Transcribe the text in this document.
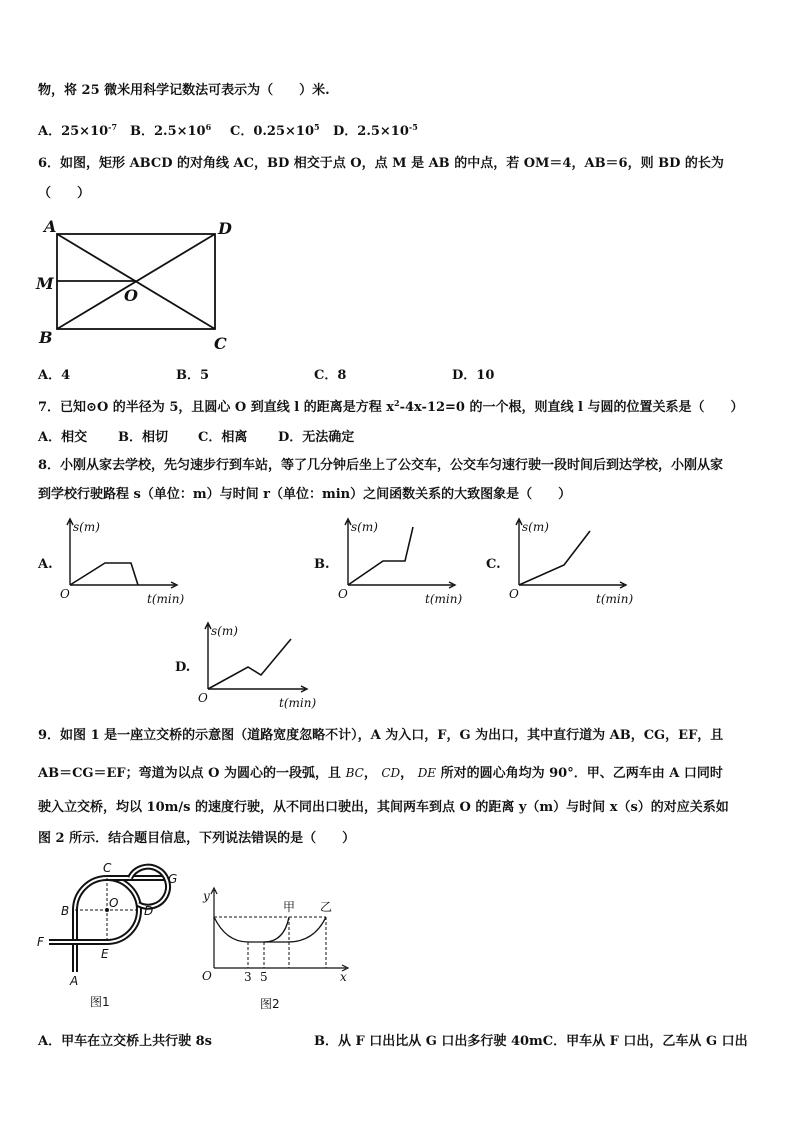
物，将 25 微米用科学记数法可表示为（　　）米.
A．$25\times 10^{-7}$ B．$2.5\times 10^6$ C．$0.25\times 10^5$ D．$2.5\times 10^{-5}$
6．如图，矩形 ABCD 的对角线 AC，BD 相交于点 O，点 M 是 AB 的中点，若 OM＝4，AB＝6，则 BD 的长为
（　　）
A	D
M
O
B	C
A．4	B．5	C．8	D．10
7．已知⊙O 的半径为 5，且圆心 O 到直线 l 的距离是方程 $x^2-4x-12=0$ 的一个根，则直线 l 与圆的位置关系是（　　）
A．相交 B．相切 C．相离 D．无法确定
8．小刚从家去学校，先匀速步行到车站，等了几分钟后坐上了公交车，公交车匀速行驶一段时间后到达学校，小刚从家
到学校行驶路程 s（单位：m）与时间 r（单位：min）之间函数关系的大致图象是（　　）
A.
s(m)
t(min)
O
B.
s(m)
t(min)
O
C.
s(m)
t(min)
O
D.
s(m)
t(min)
O
9．如图 1 是一座立交桥的示意图（道路宽度忽略不计），A 为入口，F，G 为出口，其中直行道为 AB，CG，EF，且
AB＝CG＝EF；弯道为以点 O 为圆心的一段弧，且 BC， CD， DE 所对的圆心角均为 90°．甲、乙两车由 A 口同时
驶入立交桥，均以 10m/s 的速度行驶，从不同出口驶出，其间两车到点 O 的距离 y（m）与时间 x（s）的对应关系如
图 2 所示．结合题目信息，下列说法错误的是（　　）
C
G
B
O
D
F
E
A
图1
y
x
O	3 5
甲 乙
图2
A．甲车在立交桥上共行驶 8s	B．从 F 口出比从 G 口出多行驶 40mC．甲车从 F 口出，乙车从 G 口出
